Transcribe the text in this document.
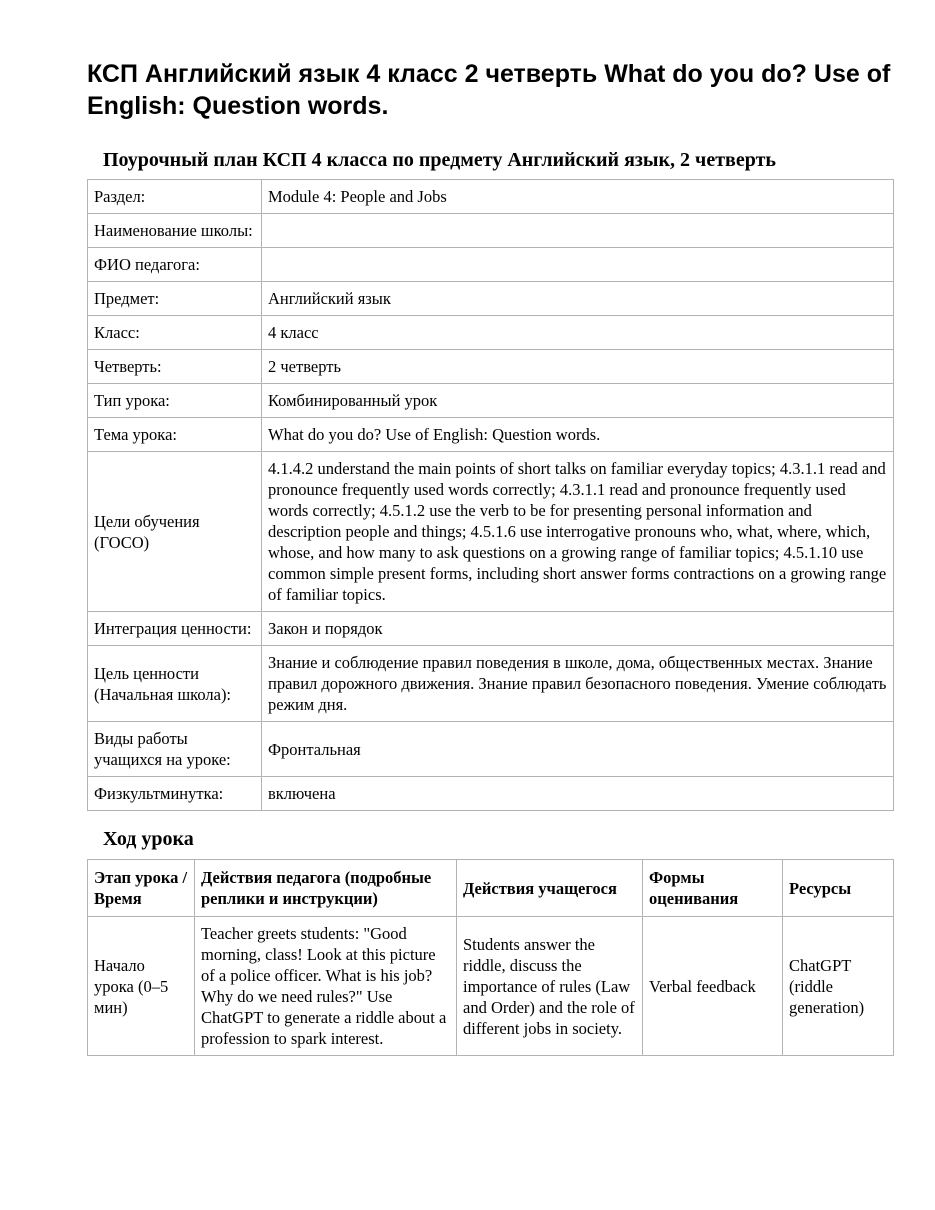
КСП Английский язык 4 класс 2 четверть What do you do? Use of English: Question words.
Поурочный план КСП 4 класса по предмету Английский язык, 2 четверть
Раздел:	Module 4: People and Jobs
Наименование школы:	
ФИО педагога:	
Предмет:	Английский язык
Класс:	4 класс
Четверть:	2 четверть
Тип урока:	Комбинированный урок
Тема урока:	What do you do? Use of English: Question words.
Цели обучения (ГОСО)	4.1.4.2 understand the main points of short talks on familiar everyday topics; 4.3.1.1 read and pronounce frequently used words correctly; 4.3.1.1 read and pronounce frequently used words correctly; 4.5.1.2 use the verb to be for presenting personal information and description people and things; 4.5.1.6 use interrogative pronouns who, what, where, which, whose, and how many to ask questions on a growing range of familiar topics; 4.5.1.10 use common simple present forms, including short answer forms contractions on a growing range of familiar topics.
Интеграция ценности:	Закон и порядок
Цель ценности (Начальная школа):	Знание и соблюдение правил поведения в школе, дома, общественных местах. Знание правил дорожного движения. Знание правил безопасного поведения. Умение соблюдать режим дня.
Виды работы учащихся на уроке:	Фронтальная
Физкультминутка:	включена
Ход урока
Этап урока / Время	Действия педагога (подробные реплики и инструкции)	Действия учащегося	Формы оценивания	Ресурсы
Начало урока (0–5 мин)	Teacher greets students: "Good morning, class! Look at this picture of a police officer. What is his job? Why do we need rules?" Use ChatGPT to generate a riddle about a profession to spark interest.	Students answer the riddle, discuss the importance of rules (Law and Order) and the role of different jobs in society.	Verbal feedback	ChatGPT (riddle generation)
